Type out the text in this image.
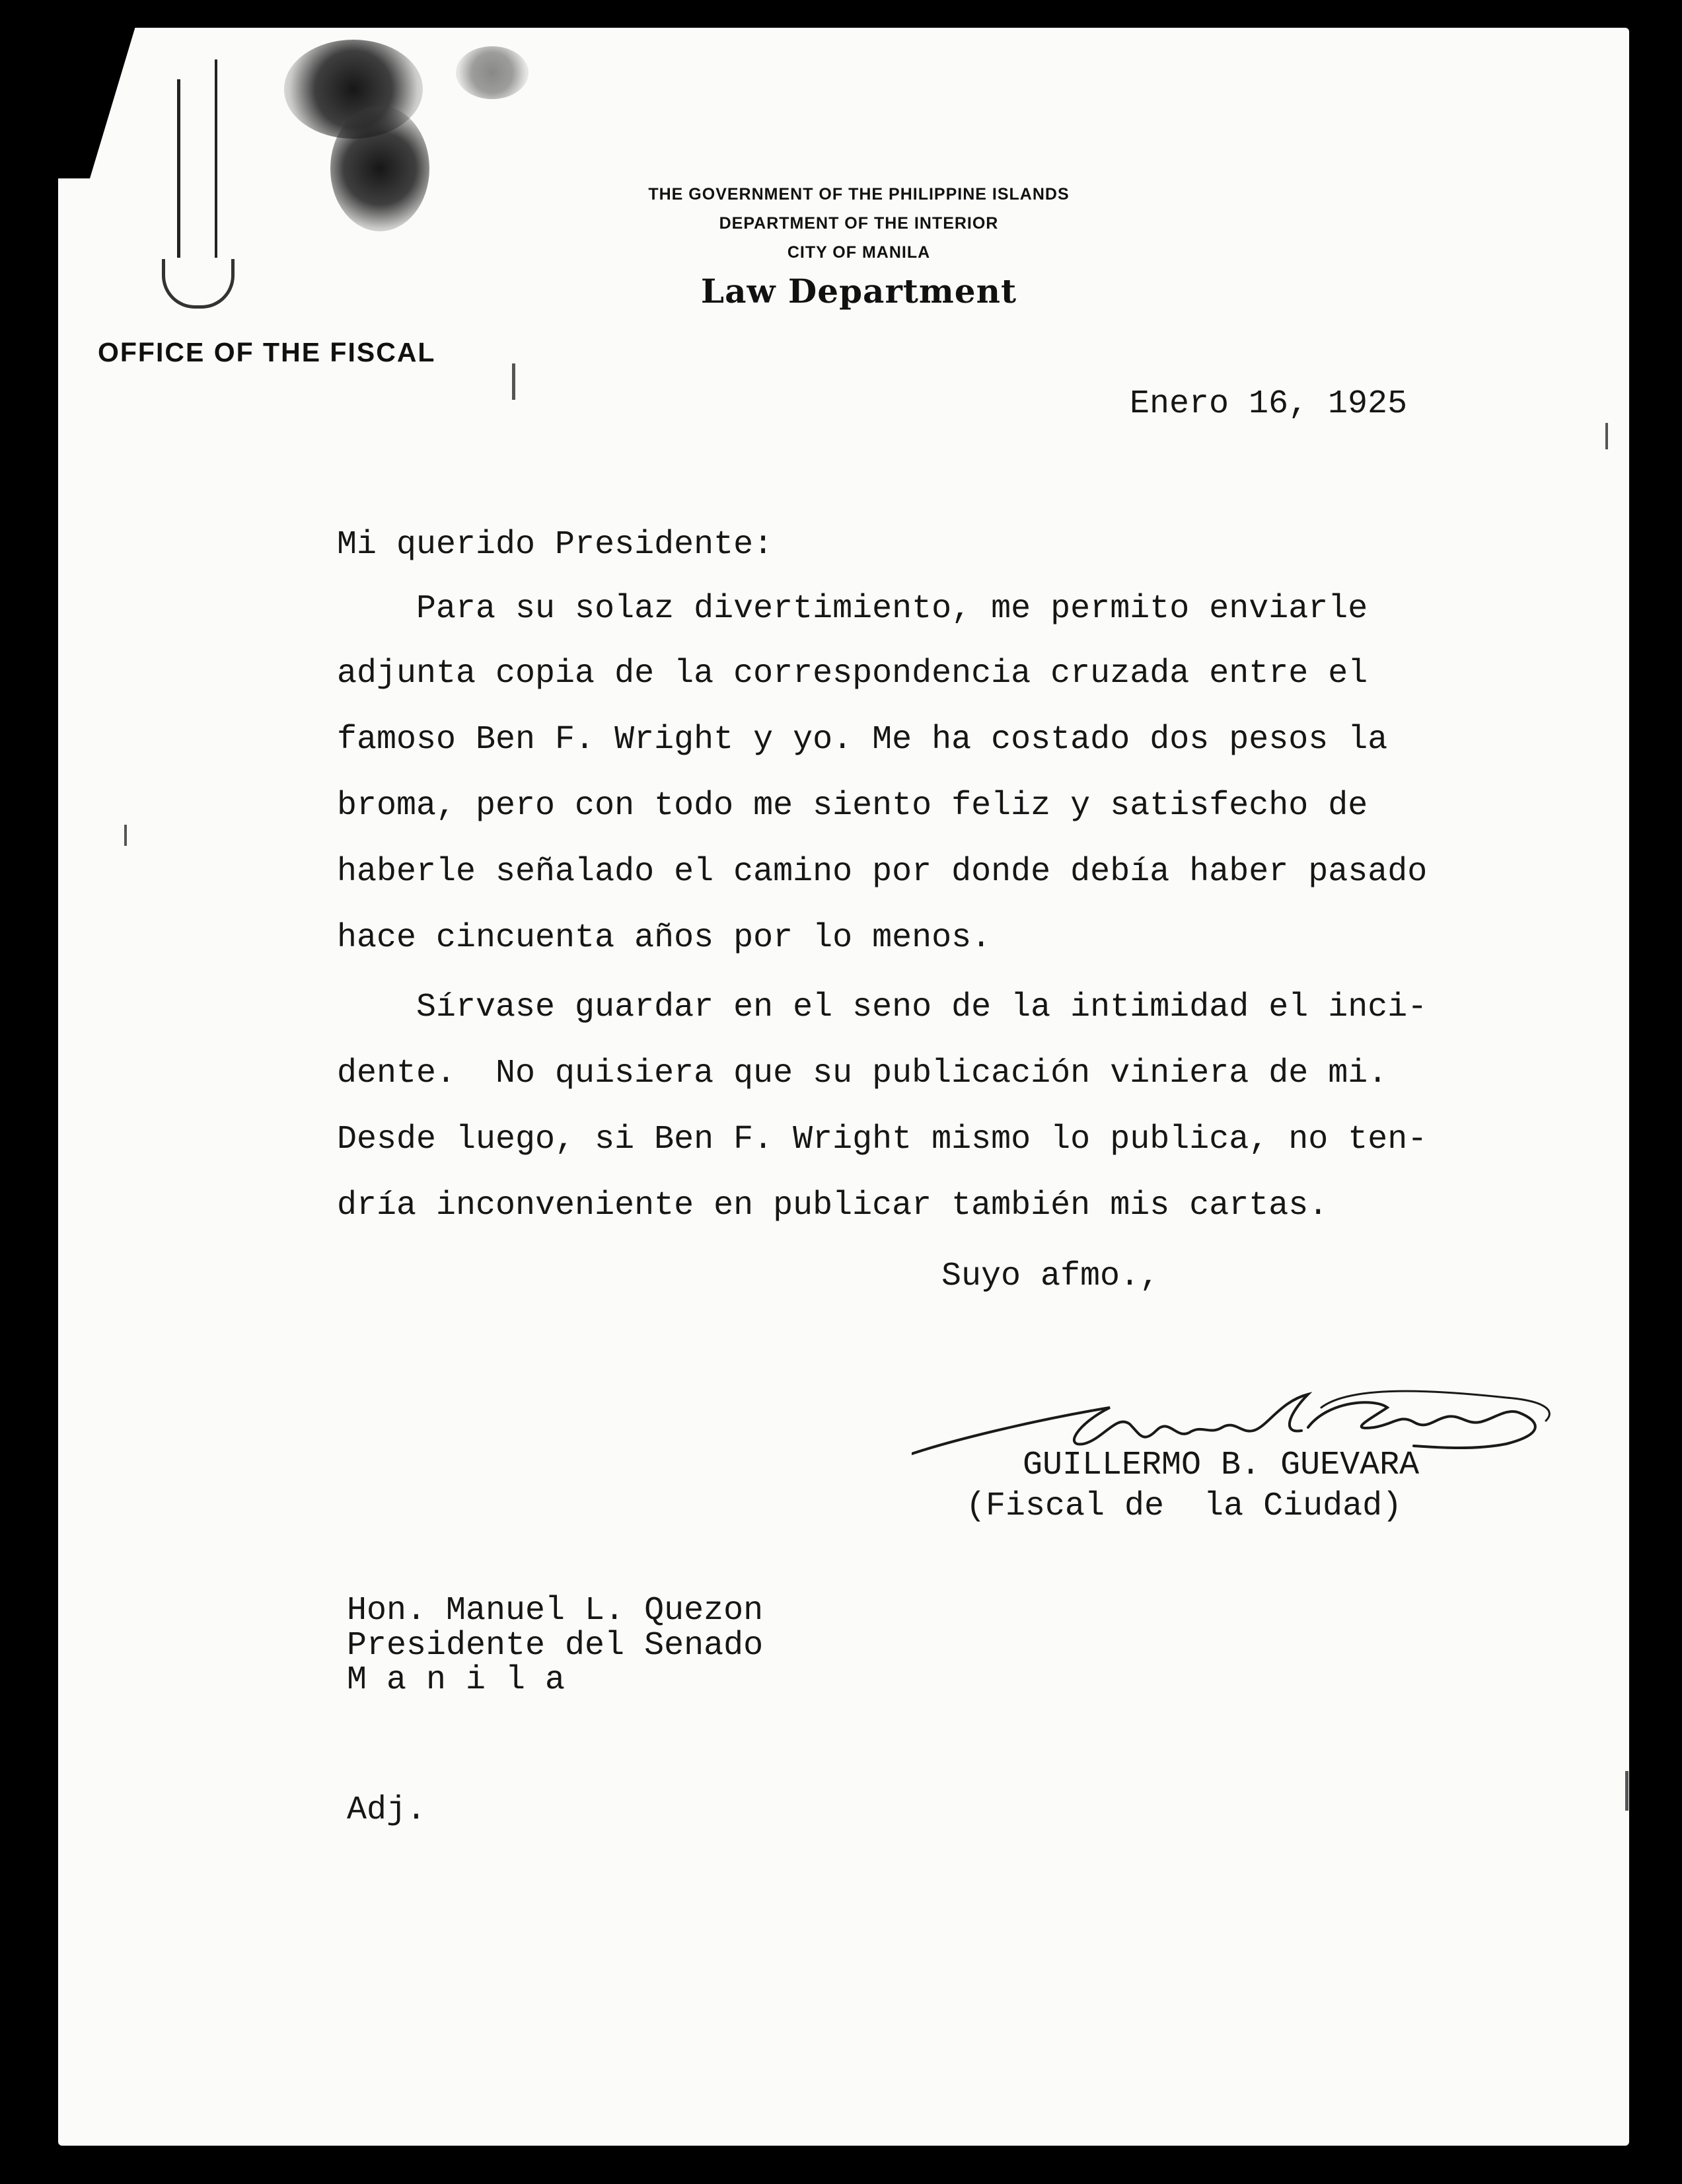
THE GOVERNMENT OF THE PHILIPPINE ISLANDS
DEPARTMENT OF THE INTERIOR
CITY OF MANILA
Law Department
OFFICE OF THE FISCAL
Enero 16, 1925
Mi querido Presidente:
Para su solaz divertimiento, me permito enviarle
adjunta copia de la correspondencia cruzada entre el
famoso Ben F. Wright y yo. Me ha costado dos pesos la
broma, pero con todo me siento feliz y satisfecho de
haberle señalado el camino por donde debía haber pasado
hace cincuenta años por lo menos.
Sírvase guardar en el seno de la intimidad el inci-
dente.  No quisiera que su publicación viniera de mi.
Desde luego, si Ben F. Wright mismo lo publica, no ten-
dría inconveniente en publicar también mis cartas.
Suyo afmo.,
GUILLERMO B. GUEVARA
(Fiscal de  la Ciudad)
Hon. Manuel L. Quezon
Presidente del Senado
M a n i l a
Adj.
